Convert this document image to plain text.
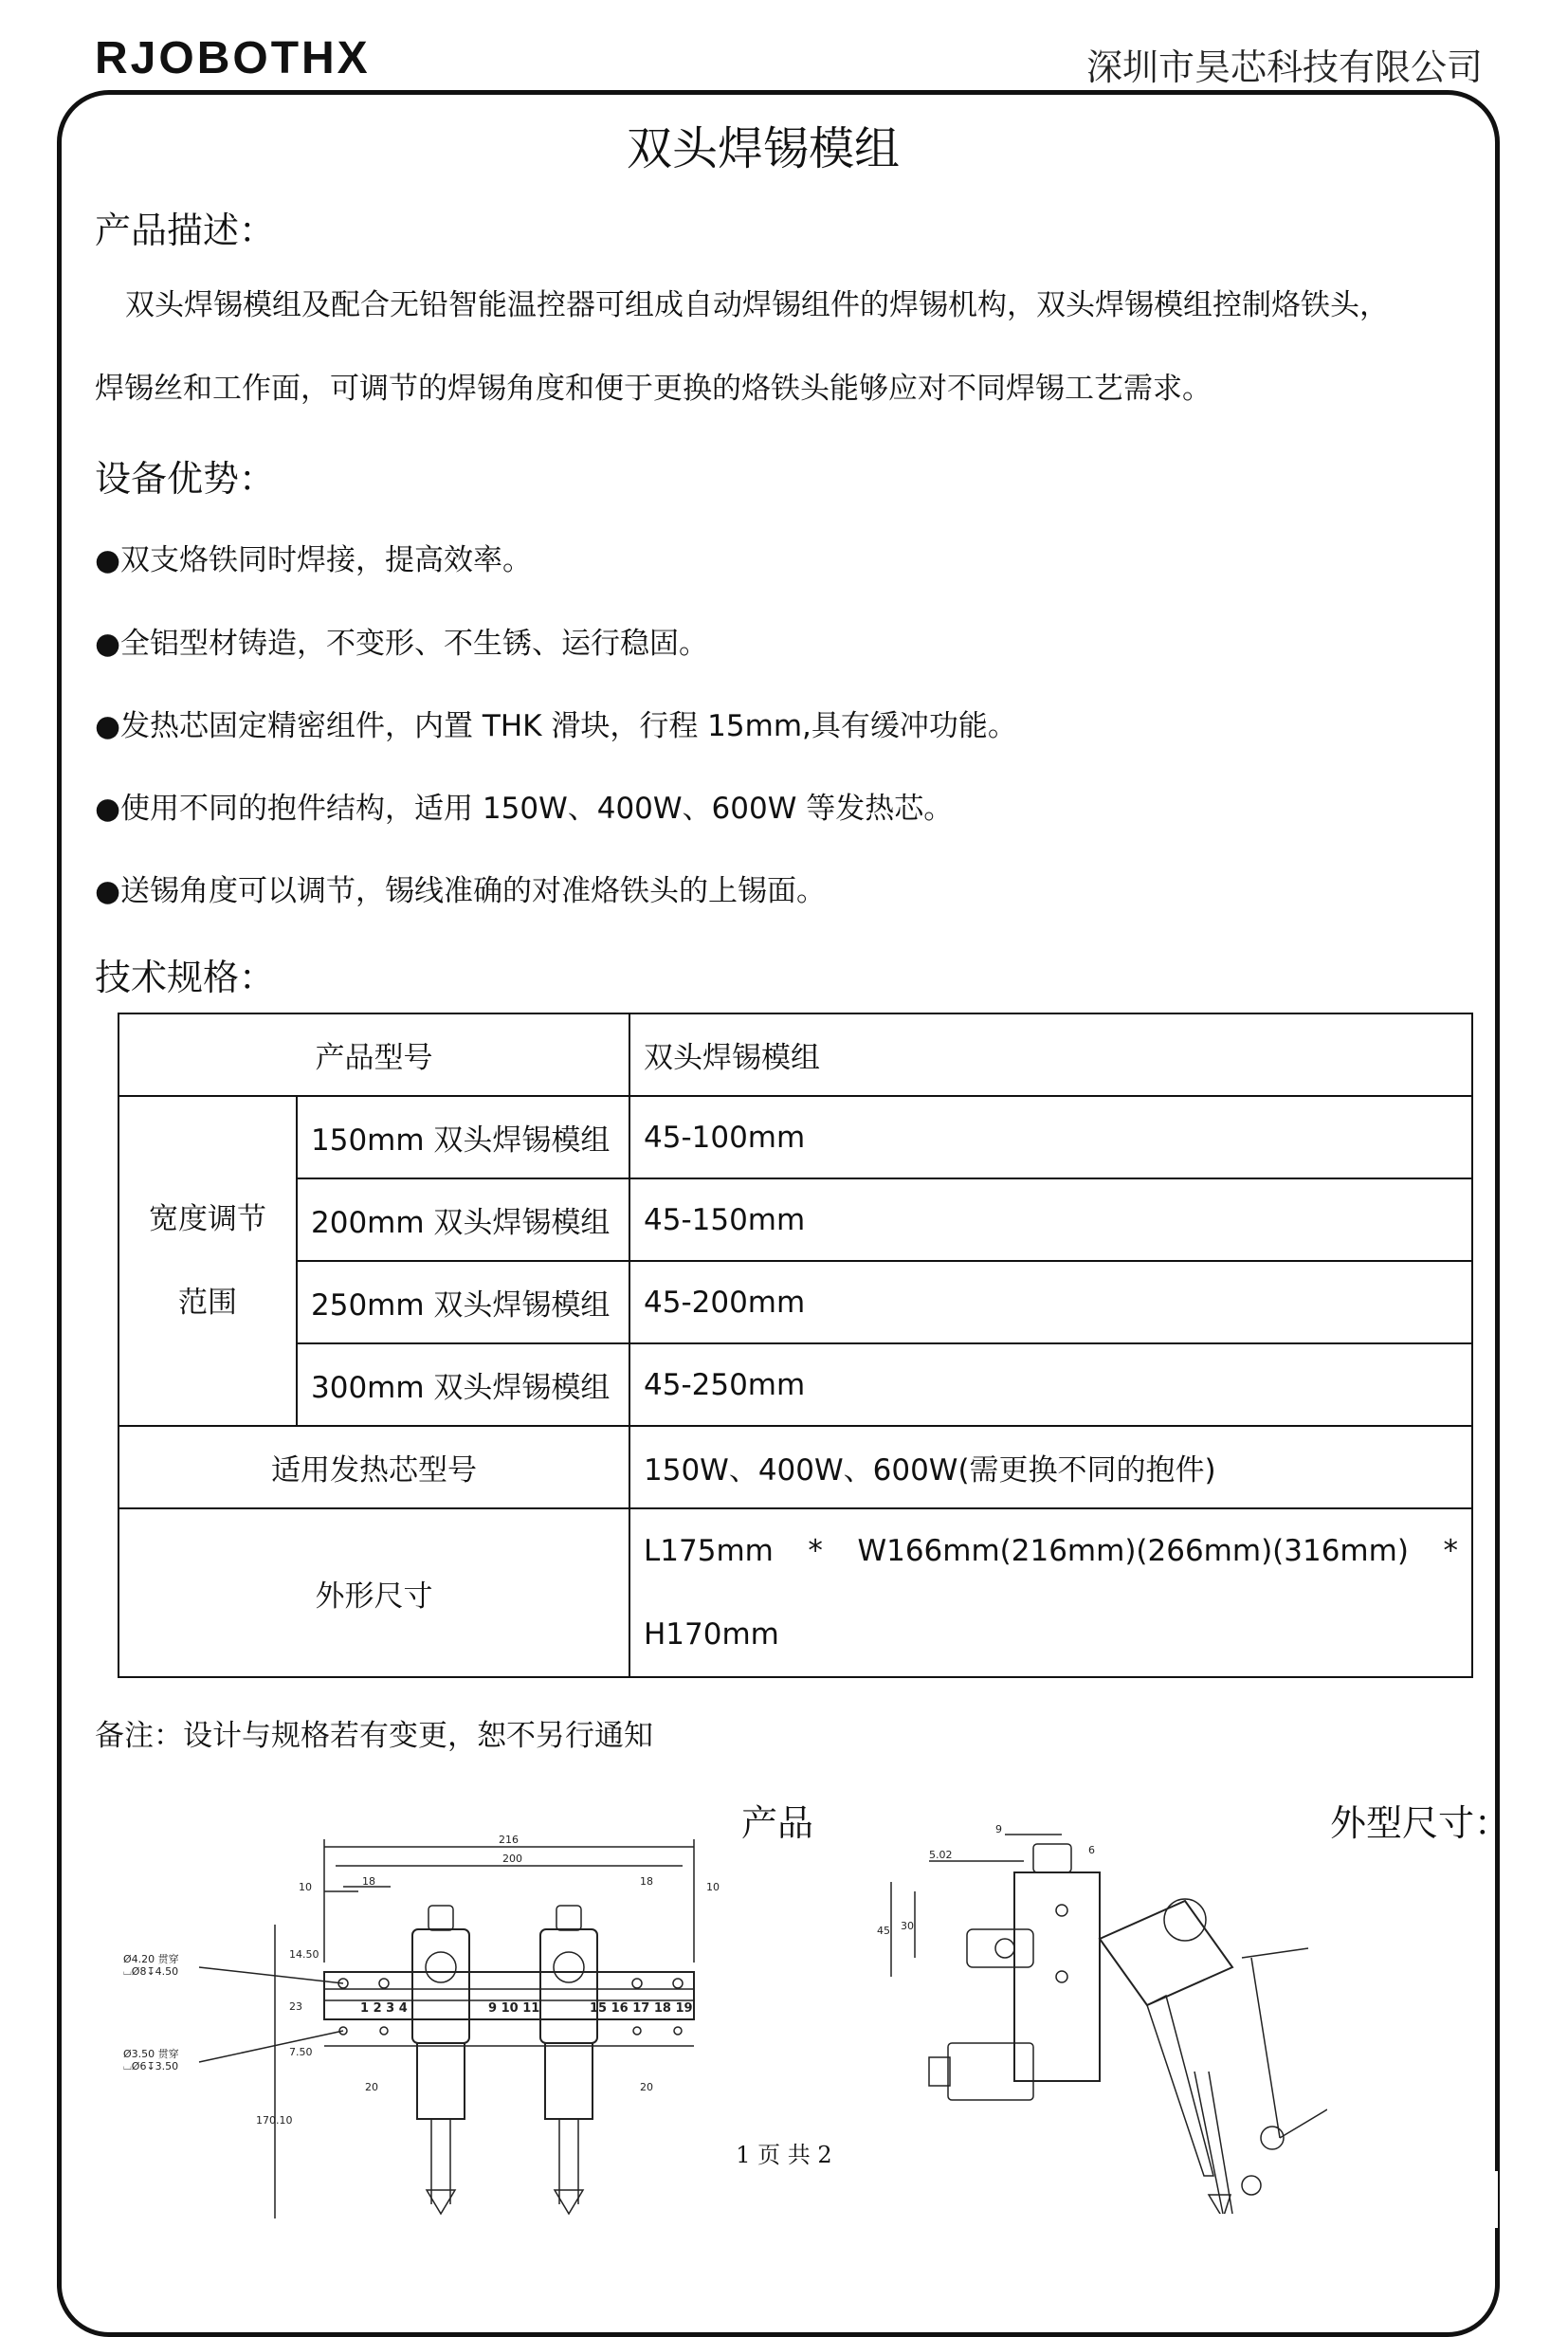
RJOBOTHX	深圳市昊芯科技有限公司
双头焊锡模组
产品描述：
双头焊锡模组及配合无铅智能温控器可组成自动焊锡组件的焊锡机构，双头焊锡模组控制烙铁头，
焊锡丝和工作面，可调节的焊锡角度和便于更换的烙铁头能够应对不同焊锡工艺需求。
设备优势：
●双支烙铁同时焊接，提高效率。
●全铝型材铸造，不变形、不生锈、运行稳固。
●发热芯固定精密组件，内置 THK 滑块，行程 15mm,具有缓冲功能。
●使用不同的抱件结构，适用 150W、400W、600W 等发热芯。
●送锡角度可以调节，锡线准确的对准烙铁头的上锡面。
技术规格：
产品型号		双头焊锡模组

宽度调节
范围	150mm 双头焊锡模组	45-100mm
	200mm 双头焊锡模组	45-150mm
	250mm 双头焊锡模组	45-200mm
	300mm 双头焊锡模组	45-250mm
适用发热芯型号		150W、400W、600W(需更换不同的抱件)
外形尺寸		L175mm * W166mm(216mm)(266mm)(316mm) *
H170mm
备注：设计与规格若有变更，恕不另行通知
产品	外型尺寸：
216
200
10	18	18	10
1 2 3 4	9 10 11	15 16 17 18 19
Ø4.20 贯穿
⌴Ø8↧4.50
Ø3.50 贯穿
⌴Ø6↧3.50
14.50
23
7.50
170.10
20	20
9
5.02	6
45 30
1 页 共 2
